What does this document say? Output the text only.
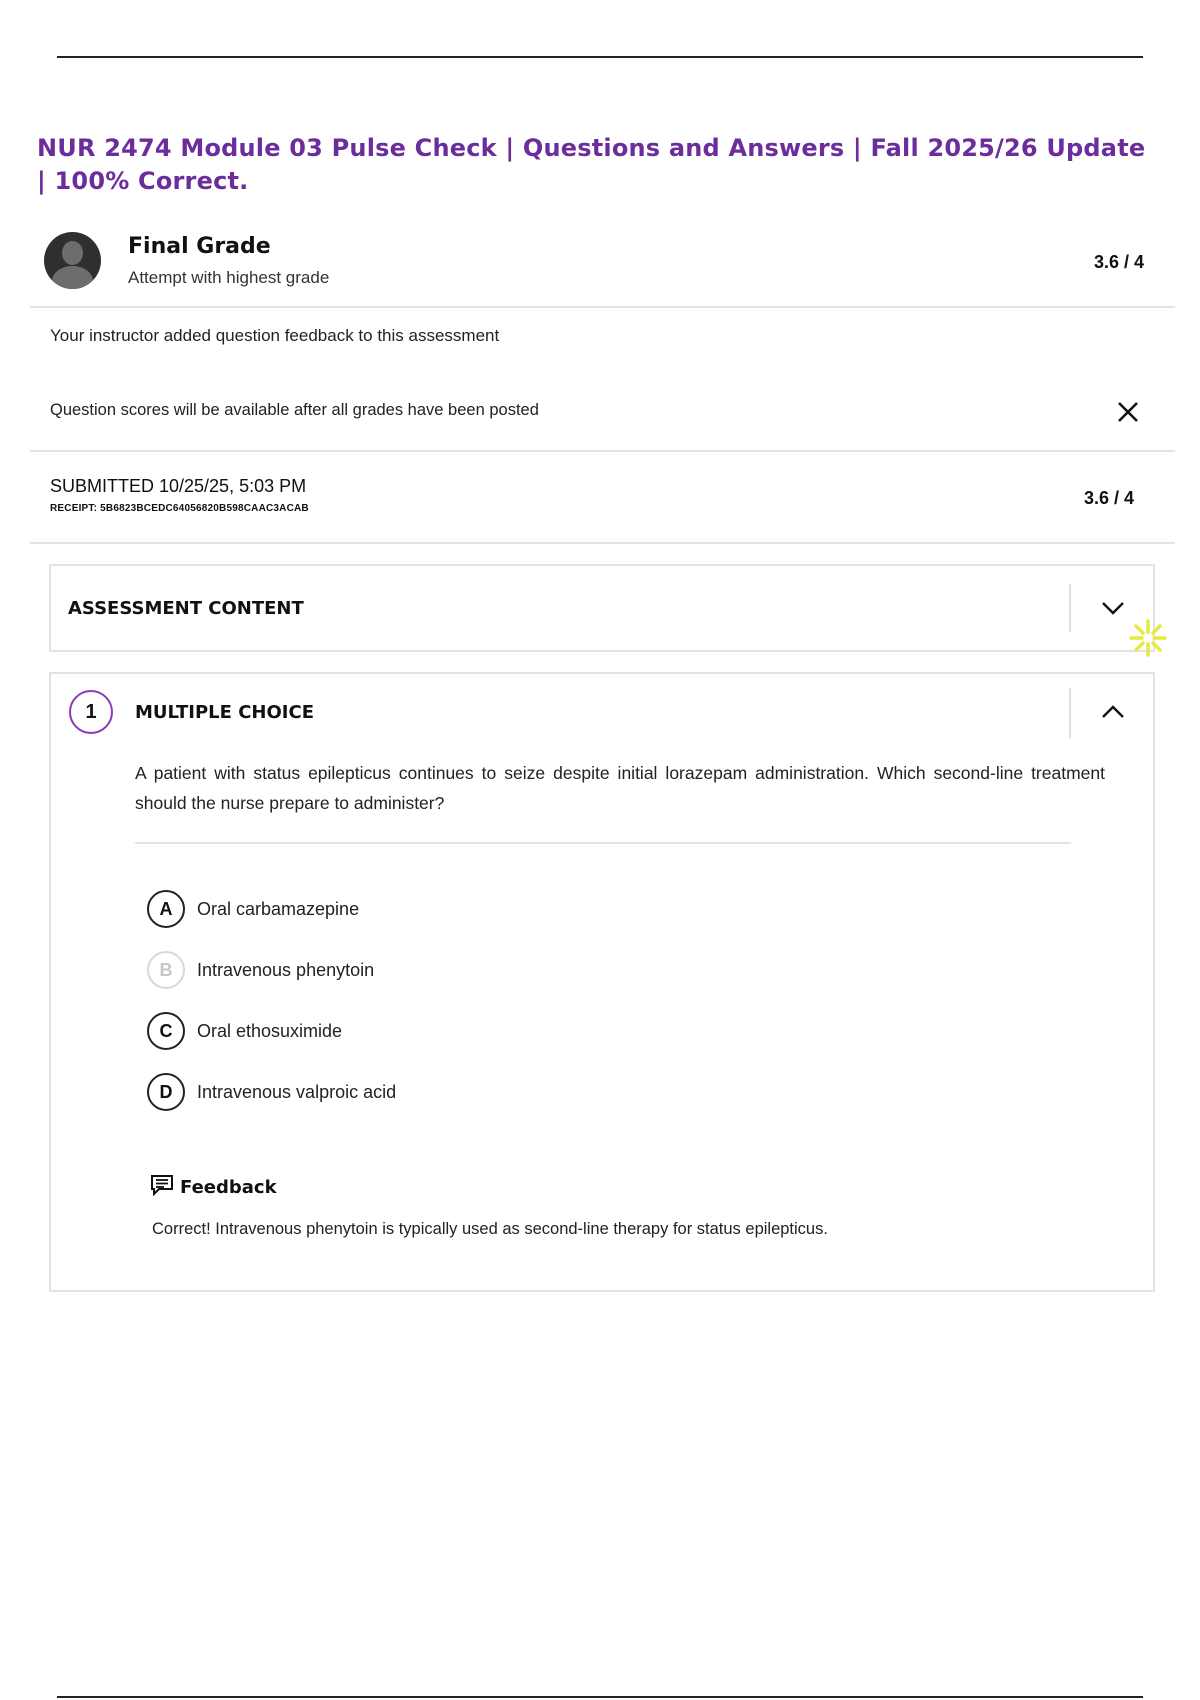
NUR 2474 Module 03 Pulse Check | Questions and Answers | Fall 2025/26 Update | 100% Correct.
Final Grade
Attempt with highest grade
3.6 / 4
Your instructor added question feedback to this assessment
Question scores will be available after all grades have been posted
SUBMITTED 10/25/25, 5:03 PM
RECEIPT: 5B6823BCEDC64056820B598CAAC3ACAB
3.6 / 4
ASSESSMENT CONTENT
1	MULTIPLE CHOICE
A patient with status epilepticus continues to seize despite initial lorazepam administration. Which second-line treatment should the nurse prepare to administer?
A	Oral carbamazepine
B	Intravenous phenytoin
C	Oral ethosuximide
D	Intravenous valproic acid
Feedback
Correct! Intravenous phenytoin is typically used as second-line therapy for status epilepticus.
